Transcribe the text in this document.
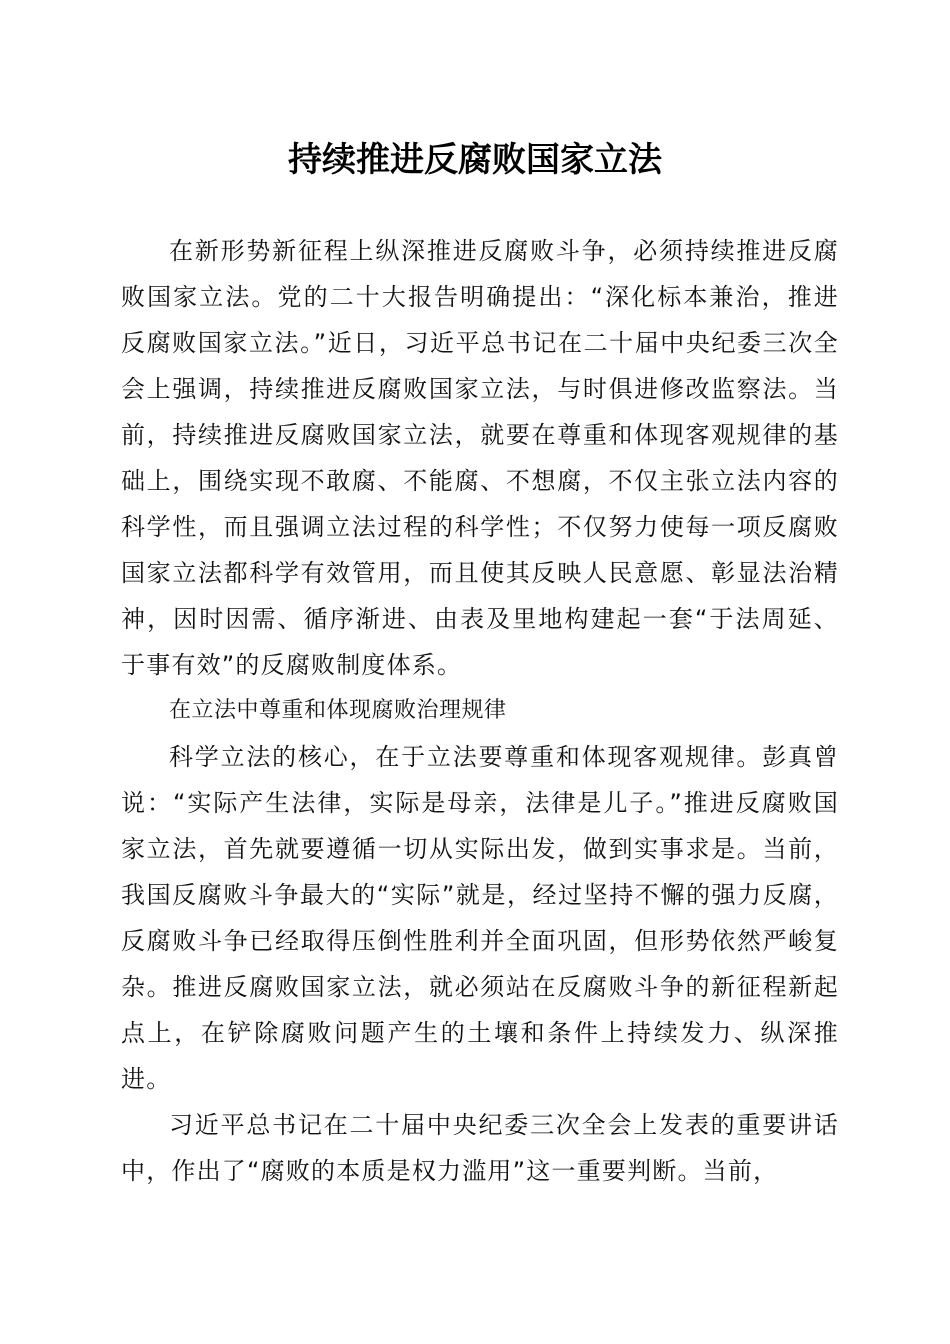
持续推进反腐败国家立法

在新形势新征程上纵深推进反腐败斗争，必须持续推进反腐败国家立法。党的二十大报告明确提出：“深化标本兼治，推进反腐败国家立法。”近日，习近平总书记在二十届中央纪委三次全会上强调，持续推进反腐败国家立法，与时俱进修改监察法。当前，持续推进反腐败国家立法，就要在尊重和体现客观规律的基础上，围绕实现不敢腐、不能腐、不想腐，不仅主张立法内容的科学性，而且强调立法过程的科学性；不仅努力使每一项反腐败国家立法都科学有效管用，而且使其反映人民意愿、彰显法治精神，因时因需、循序渐进、由表及里地构建起一套“于法周延、于事有效”的反腐败制度体系。

在立法中尊重和体现腐败治理规律

科学立法的核心，在于立法要尊重和体现客观规律。彭真曾说：“实际产生法律，实际是母亲，法律是儿子。”推进反腐败国家立法，首先就要遵循一切从实际出发，做到实事求是。当前，我国反腐败斗争最大的“实际”就是，经过坚持不懈的强力反腐，反腐败斗争已经取得压倒性胜利并全面巩固，但形势依然严峻复杂。推进反腐败国家立法，就必须站在反腐败斗争的新征程新起点上，在铲除腐败问题产生的土壤和条件上持续发力、纵深推进。

习近平总书记在二十届中央纪委三次全会上发表的重要讲话中，作出了“腐败的本质是权力滥用”这一重要判断。当前，
